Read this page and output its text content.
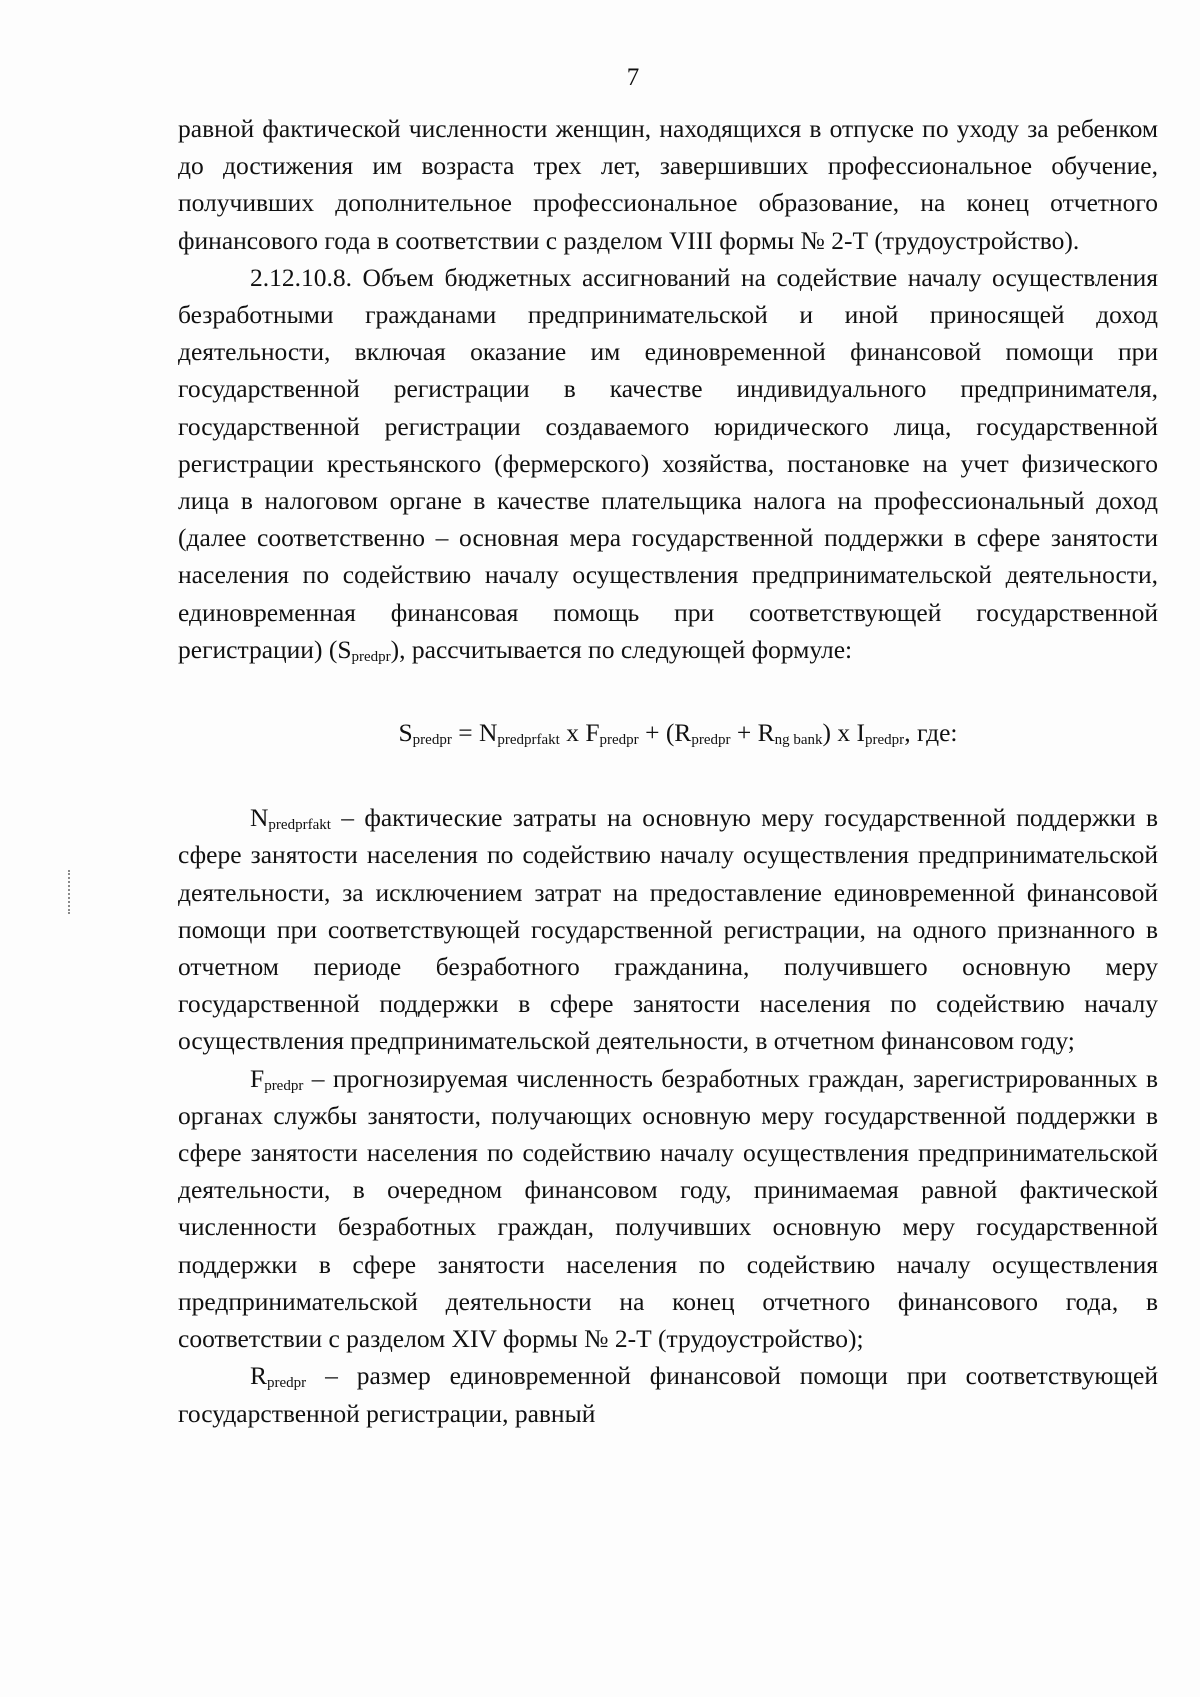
7

равной фактической численности женщин, находящихся в отпуске по уходу за ребенком до достижения им возраста трех лет, завершивших профессиональное обучение, получивших дополнительное профессиональное образование, на конец отчетного финансового года в соответствии с разделом VIII формы № 2-Т (трудоустройство).

2.12.10.8. Объем бюджетных ассигнований на содействие началу осуществления безработными гражданами предпринимательской и иной приносящей доход деятельности, включая оказание им единовременной финансовой помощи при государственной регистрации в качестве индивидуального предпринимателя, государственной регистрации создаваемого юридического лица, государственной регистрации крестьянского (фермерского) хозяйства, постановке на учет физического лица в налоговом органе в качестве плательщика налога на профессиональный доход (далее соответственно – основная мера государственной поддержки в сфере занятости населения по содействию началу осуществления предпринимательской деятельности, единовременная финансовая помощь при соответствующей государственной регистрации) $(S_{predpr})$, рассчитывается по следующей формуле:

$S_{predpr} = N_{predprfakt}$ x $F_{predpr} + (R_{predpr} + R_{ng bank})$ x $I_{predpr}$, где:

$N_{predprfakt}$ – фактические затраты на основную меру государственной поддержки в сфере занятости населения по содействию началу осуществления предпринимательской деятельности, за исключением затрат на предоставление единовременной финансовой помощи при соответствующей государственной регистрации, на одного признанного в отчетном периоде безработного гражданина, получившего основную меру государственной поддержки в сфере занятости населения по содействию началу осуществления предпринимательской деятельности, в отчетном финансовом году;

$F_{predpr}$ – прогнозируемая численность безработных граждан, зарегистрированных в органах службы занятости, получающих основную меру государственной поддержки в сфере занятости населения по содействию началу осуществления предпринимательской деятельности, в очередном финансовом году, принимаемая равной фактической численности безработных граждан, получивших основную меру государственной поддержки в сфере занятости населения по содействию началу осуществления предпринимательской деятельности на конец отчетного финансового года, в соответствии с разделом XIV формы № 2-Т (трудоустройство);

$R_{predpr}$ – размер единовременной финансовой помощи при соответствующей государственной регистрации, равный
